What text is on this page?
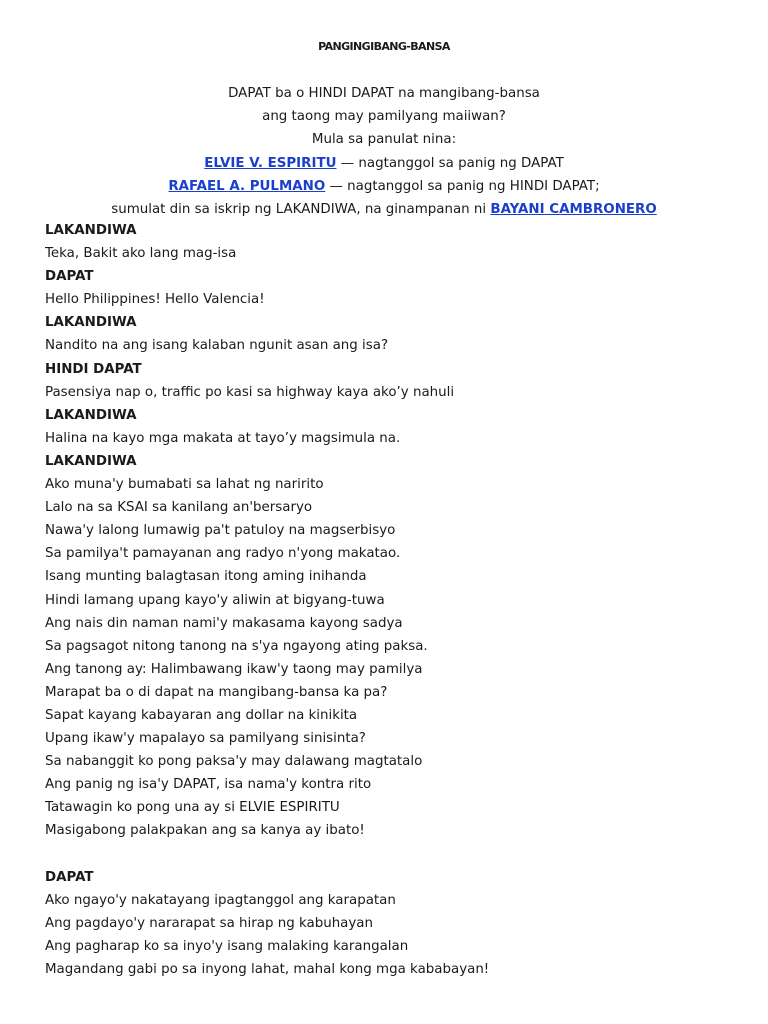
PANGINGIBANG-BANSA
DAPAT ba o HINDI DAPAT na mangibang-bansa
ang taong may pamilyang maiiwan?
Mula sa panulat nina:
ELVIE V. ESPIRITU — nagtanggol sa panig ng DAPAT
RAFAEL A. PULMANO — nagtanggol sa panig ng HINDI DAPAT;
sumulat din sa iskrip ng LAKANDIWA, na ginampanan ni BAYANI CAMBRONERO
LAKANDIWA
Teka, Bakit ako lang mag-isa
DAPAT
Hello Philippines! Hello Valencia!
LAKANDIWA
Nandito na ang isang kalaban ngunit asan ang isa?
HINDI DAPAT
Pasensiya nap o, traffic po kasi sa highway kaya ako’y nahuli
LAKANDIWA
Halina na kayo mga makata at tayo’y magsimula na.
LAKANDIWA
Ako muna'y bumabati sa lahat ng naririto
Lalo na sa KSAI sa kanilang an'bersaryo
Nawa'y lalong lumawig pa't patuloy na magserbisyo
Sa pamilya't pamayanan ang radyo n'yong makatao.
Isang munting balagtasan itong aming inihanda
Hindi lamang upang kayo'y aliwin at bigyang-tuwa
Ang nais din naman nami'y makasama kayong sadya
Sa pagsagot nitong tanong na s'ya ngayong ating paksa.
Ang tanong ay: Halimbawang ikaw'y taong may pamilya
Marapat ba o di dapat na mangibang-bansa ka pa?
Sapat kayang kabayaran ang dollar na kinikita
Upang ikaw'y mapalayo sa pamilyang sinisinta?
Sa nabanggit ko pong paksa'y may dalawang magtatalo
Ang panig ng isa'y DAPAT, isa nama'y kontra rito
Tatawagin ko pong una ay si ELVIE ESPIRITU
Masigabong palakpakan ang sa kanya ay ibato!
DAPAT
Ako ngayo'y nakatayang ipagtanggol ang karapatan
Ang pagdayo'y nararapat sa hirap ng kabuhayan
Ang pagharap ko sa inyo'y isang malaking karangalan
Magandang gabi po sa inyong lahat, mahal kong mga kababayan!
